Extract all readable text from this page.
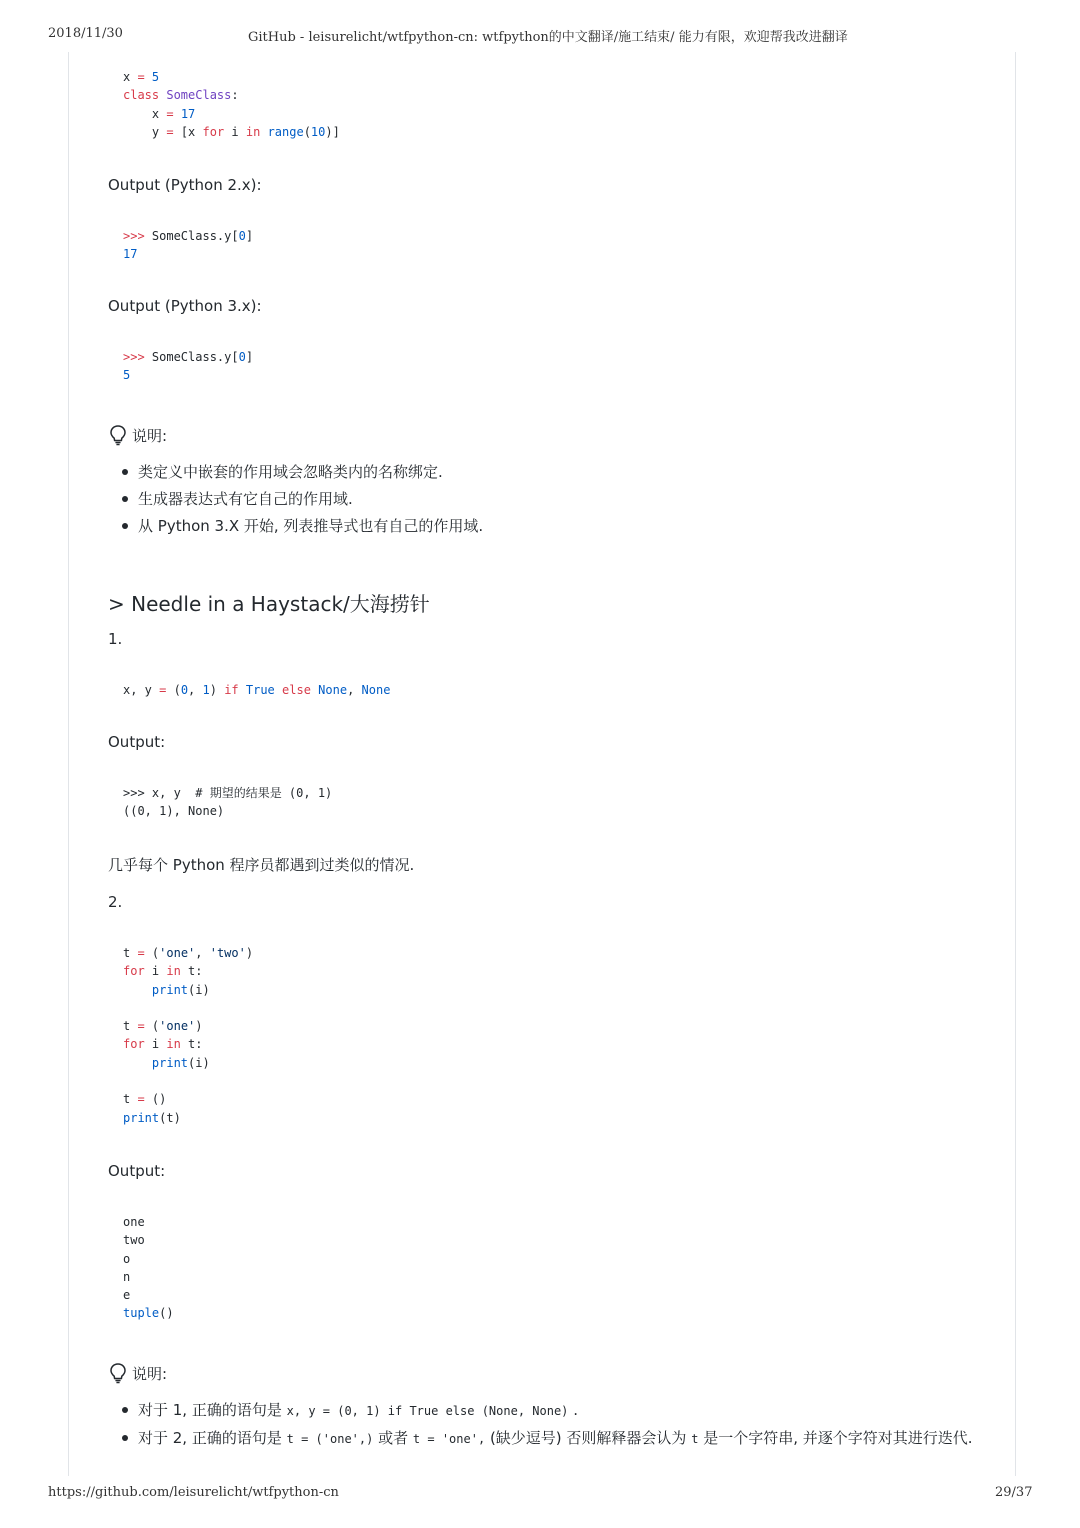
2018/11/30	GitHub - leisurelicht/wtfpython-cn: wtfpython的中文翻译/施工结束/ 能力有限，欢迎帮我改进翻译
x = 5
class SomeClass:
x = 17
y = [x for i in range(10)]

Output (Python 2.x):

>>> SomeClass.y[0]
17

Output (Python 3.x):

>>> SomeClass.y[0]
5
说明:
类定义中嵌套的作用域会忽略类内的名称绑定.
生成器表达式有它自己的作用域.
从 Python 3.X 开始, 列表推导式也有自己的作用域.
> Needle in a Haystack/大海捞针

1.

x, y = (0, 1) if True else None, None

Output:

>>> x, y  # 期望的结果是 (0, 1)
((0, 1), None)

几乎每个 Python 程序员都遇到过类似的情况.

2.

t = ('one', 'two')
for i in t:
print(i)

t = ('one')
for i in t:
print(i)

t = ()
print(t)

Output:

one
two
o
n
e
tuple()
说明:
对于 1, 正确的语句是 x, y = (0, 1) if True else (None, None) .
对于 2, 正确的语句是 t = ('one',) 或者 t = 'one', (缺少逗号) 否则解释器会认为 t 是一个字符串, 并逐个字符对其进行迭代.
https://github.com/leisurelicht/wtfpython-cn	29/37
